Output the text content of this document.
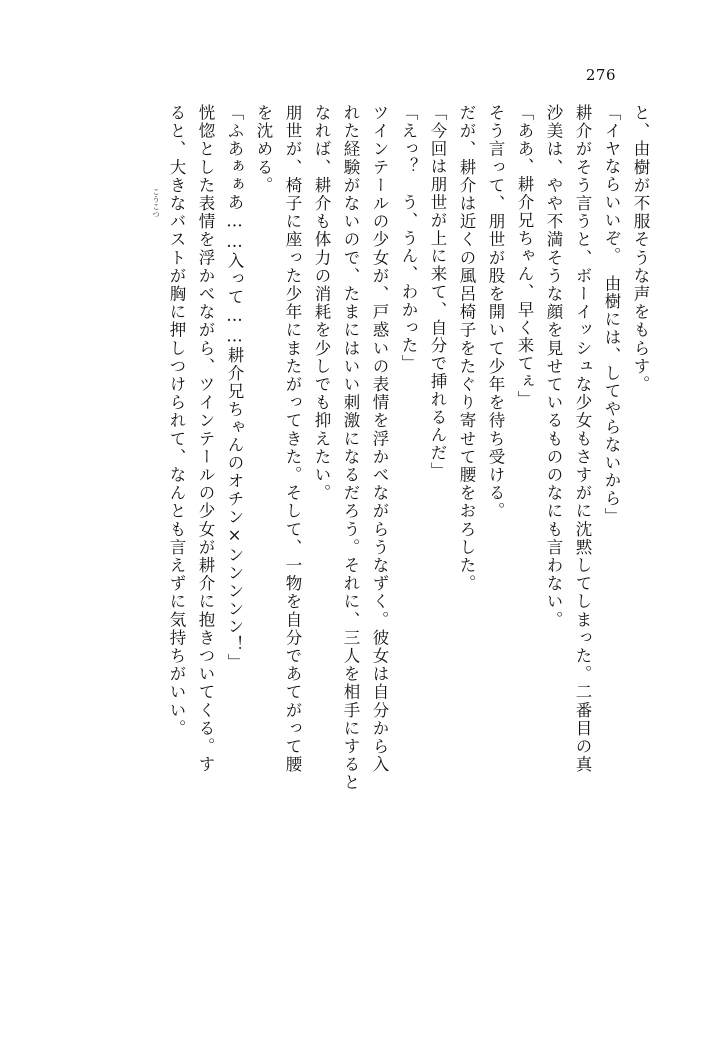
276
と、由樹が不服そうな声をもらす。
「イヤならいいぞ。　由樹には、してやらないから」
耕介がそう言うと、ボーイッシュな少女もさすがに沈黙してしまった。二番目の真
沙美は、やや不満そうな顔を見せているもののなにも言わない。
「ああ、耕介兄ちゃん、早く来てぇ」
そう言って、朋世が股を開いて少年を待ち受ける。
だが、耕介は近くの風呂椅子をたぐり寄せて腰をおろした。
「今回は朋世が上に来て、自分で挿れるんだ」
「えっ？　う、うん、わかった」
ツインテールの少女が、戸惑いの表情を浮かべながらうなずく。彼女は自分から入
れた経験がないので、たまにはいい刺激になるだろう。それに、三人を相手にすると
なれば、耕介も体力の消耗を少しでも抑えたい。
朋世が、椅子に座った少年にまたがってきた。そして、一物を自分であてがって腰
を沈める。
「ふあぁぁあ……入って……耕介兄ちゃんのオチン×ンンンンン！」
恍惚とした表情を浮かべながら、ツインテールの少女が耕介に抱きついてくる。す
ると、大きなバストが胸に押しつけられて、なんとも言えずに気持ちがいい。
こうこつ
